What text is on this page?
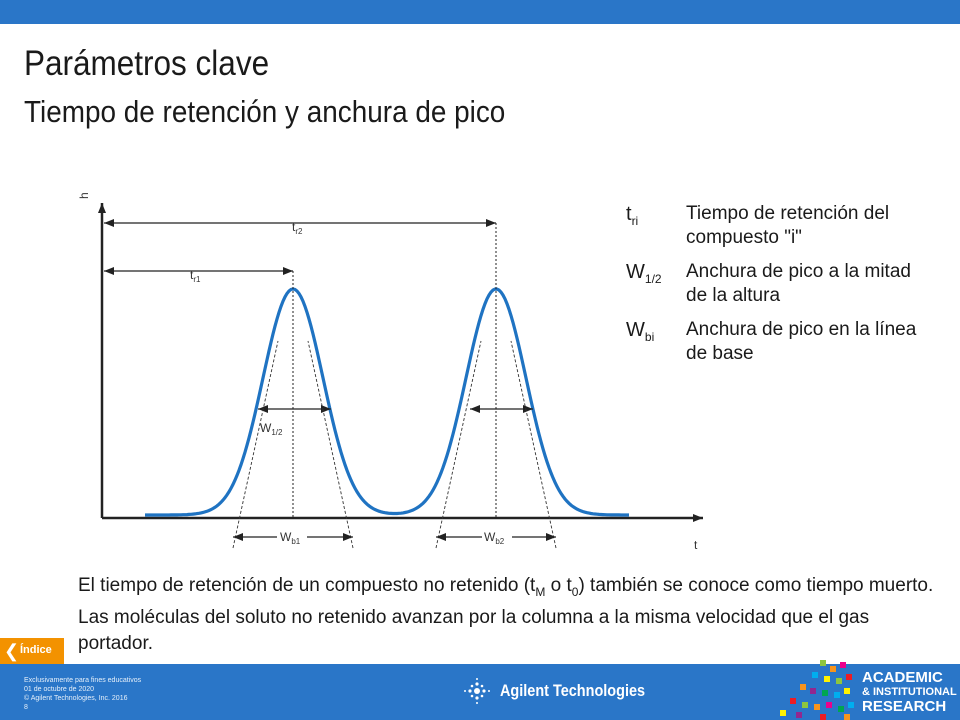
Parámetros clave
Tiempo de retención y anchura de pico
h
t
$t_{r2}$
$t_{r1}$
$W_{1/2}$
$W_{b1}$	$W_{b2}$
$t_{ri}$	Tiempo de retención del compuesto "i"
$W_{1/2}$	Anchura de pico a la mitad de la altura
$W_{bi}$	Anchura de pico en la línea de base
El tiempo de retención de un compuesto no retenido ($t_M$ o $t_0$) también se conoce como tiempo muerto. Las moléculas del soluto no retenido avanzan por la columna a la misma velocidad que el gas portador.
❮ Índice
Exclusivamente para fines educativos
01 de octubre de 2020
© Agilent Technologies, Inc. 2016
8
Agilent Technologies
ACADEMIC
& INSTITUTIONAL
RESEARCH
